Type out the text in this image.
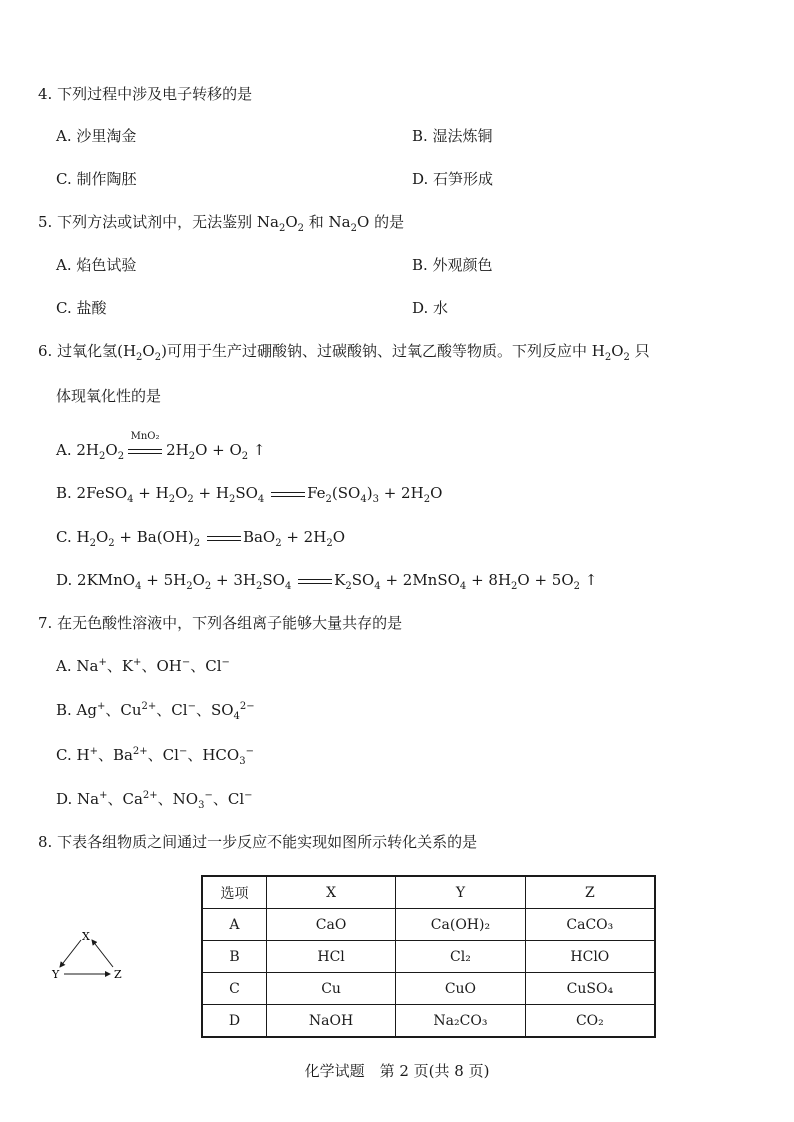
4. 下列过程中涉及电子转移的是
A. 沙里淘金	B. 湿法炼铜
C. 制作陶胚	D. 石笋形成
5. 下列方法或试剂中，无法鉴别 $Na_2O_2$ 和 $Na_2O$ 的是
A. 焰色试验	B. 外观颜色
C. 盐酸	D. 水
6. 过氧化氢$(H_2O_2)$可用于生产过硼酸钠、过碳酸钠、过氧乙酸等物质。下列反应中 $H_2O_2$ 只
体现氧化性的是
A. $2H_2O_2$
MnO₂
$2H_2O + O_2$ ↑
B. 2FeSO$_4$ + $H_2O_2 + H_2SO_4$	$Fe_2(SO_4)_3 + 2H_2O$
C. $H_2O_2 + Ba(OH)_2$	$BaO_2 + 2H_2O$
D. 2KMnO$_4$ + $5H_2O_2 + 3H_2SO_4$	$K_2SO_4$ + 2MnSO$_4$ + $8H_2O + 5O_2$ ↑
7. 在无色酸性溶液中，下列各组离子能够大量共存的是
A. Na+、K+、OH−、Cl−
B. Ag+、$Cu^{2+}$、Cl−、$SO_4^{2-}$
C. H+、$Ba^{2+}$、Cl−、$HCO_3^-$
D. Na+、$Ca^{2+}$、$NO_3^-$、Cl−
8. 下表各组物质之间通过一步反应不能实现如图所示转化关系的是
X
Y	Z
选项	X	Y	Z
A	CaO	Ca(OH)₂	CaCO₃
B	HCl	Cl₂	HClO
C	Cu	CuO	CuSO₄
D	NaOH	Na₂CO₃	CO₂
化学试题　第 2 页(共 8 页)
